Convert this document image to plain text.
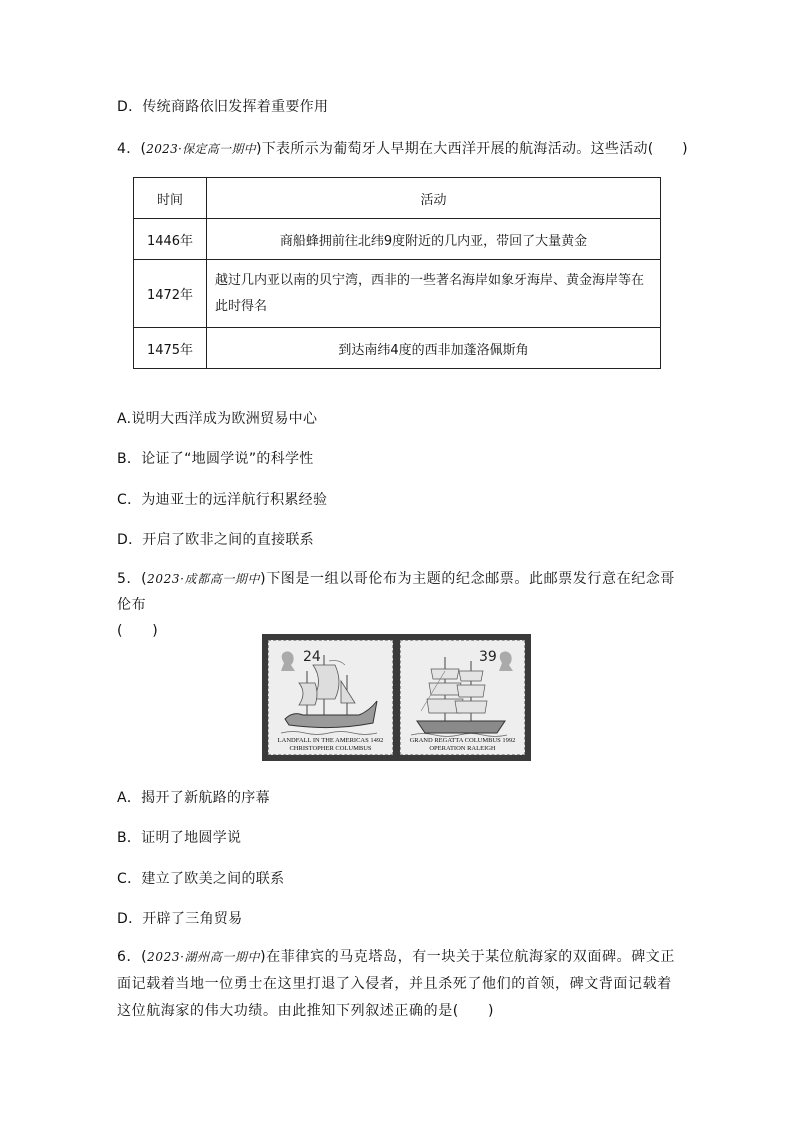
D．传统商路依旧发挥着重要作用
4．(2023·保定高一期中)下表所示为葡萄牙人早期在大西洋开展的航海活动。这些活动(　　)
时间	活动
1446年	商船蜂拥前往北纬9度附近的几内亚，带回了大量黄金
1472年	越过几内亚以南的贝宁湾，西非的一些著名海岸如象牙海岸、黄金海岸等在此时得名
1475年	到达南纬4度的西非加蓬洛佩斯角
A.说明大西洋成为欧洲贸易中心
B．论证了“地圆学说”的科学性
C．为迪亚士的远洋航行积累经验
D．开启了欧非之间的直接联系
5．(2023·成都高一期中)下图是一组以哥伦布为主题的纪念邮票。此邮票发行意在纪念哥伦布
(　　)
24
LANDFALL IN THE AMERICAS 1492
CHRISTOPHER COLUMBUS
39
GRAND REGATTA COLUMBUS 1992
OPERATION RALEIGH
A．揭开了新航路的序幕
B．证明了地圆学说
C．建立了欧美之间的联系
D．开辟了三角贸易
6．(2023·湖州高一期中)在菲律宾的马克塔岛，有一块关于某位航海家的双面碑。碑文正面记载着当地一位勇士在这里打退了入侵者，并且杀死了他们的首领，碑文背面记载着这位航海家的伟大功绩。由此推知下列叙述正确的是(　　)
